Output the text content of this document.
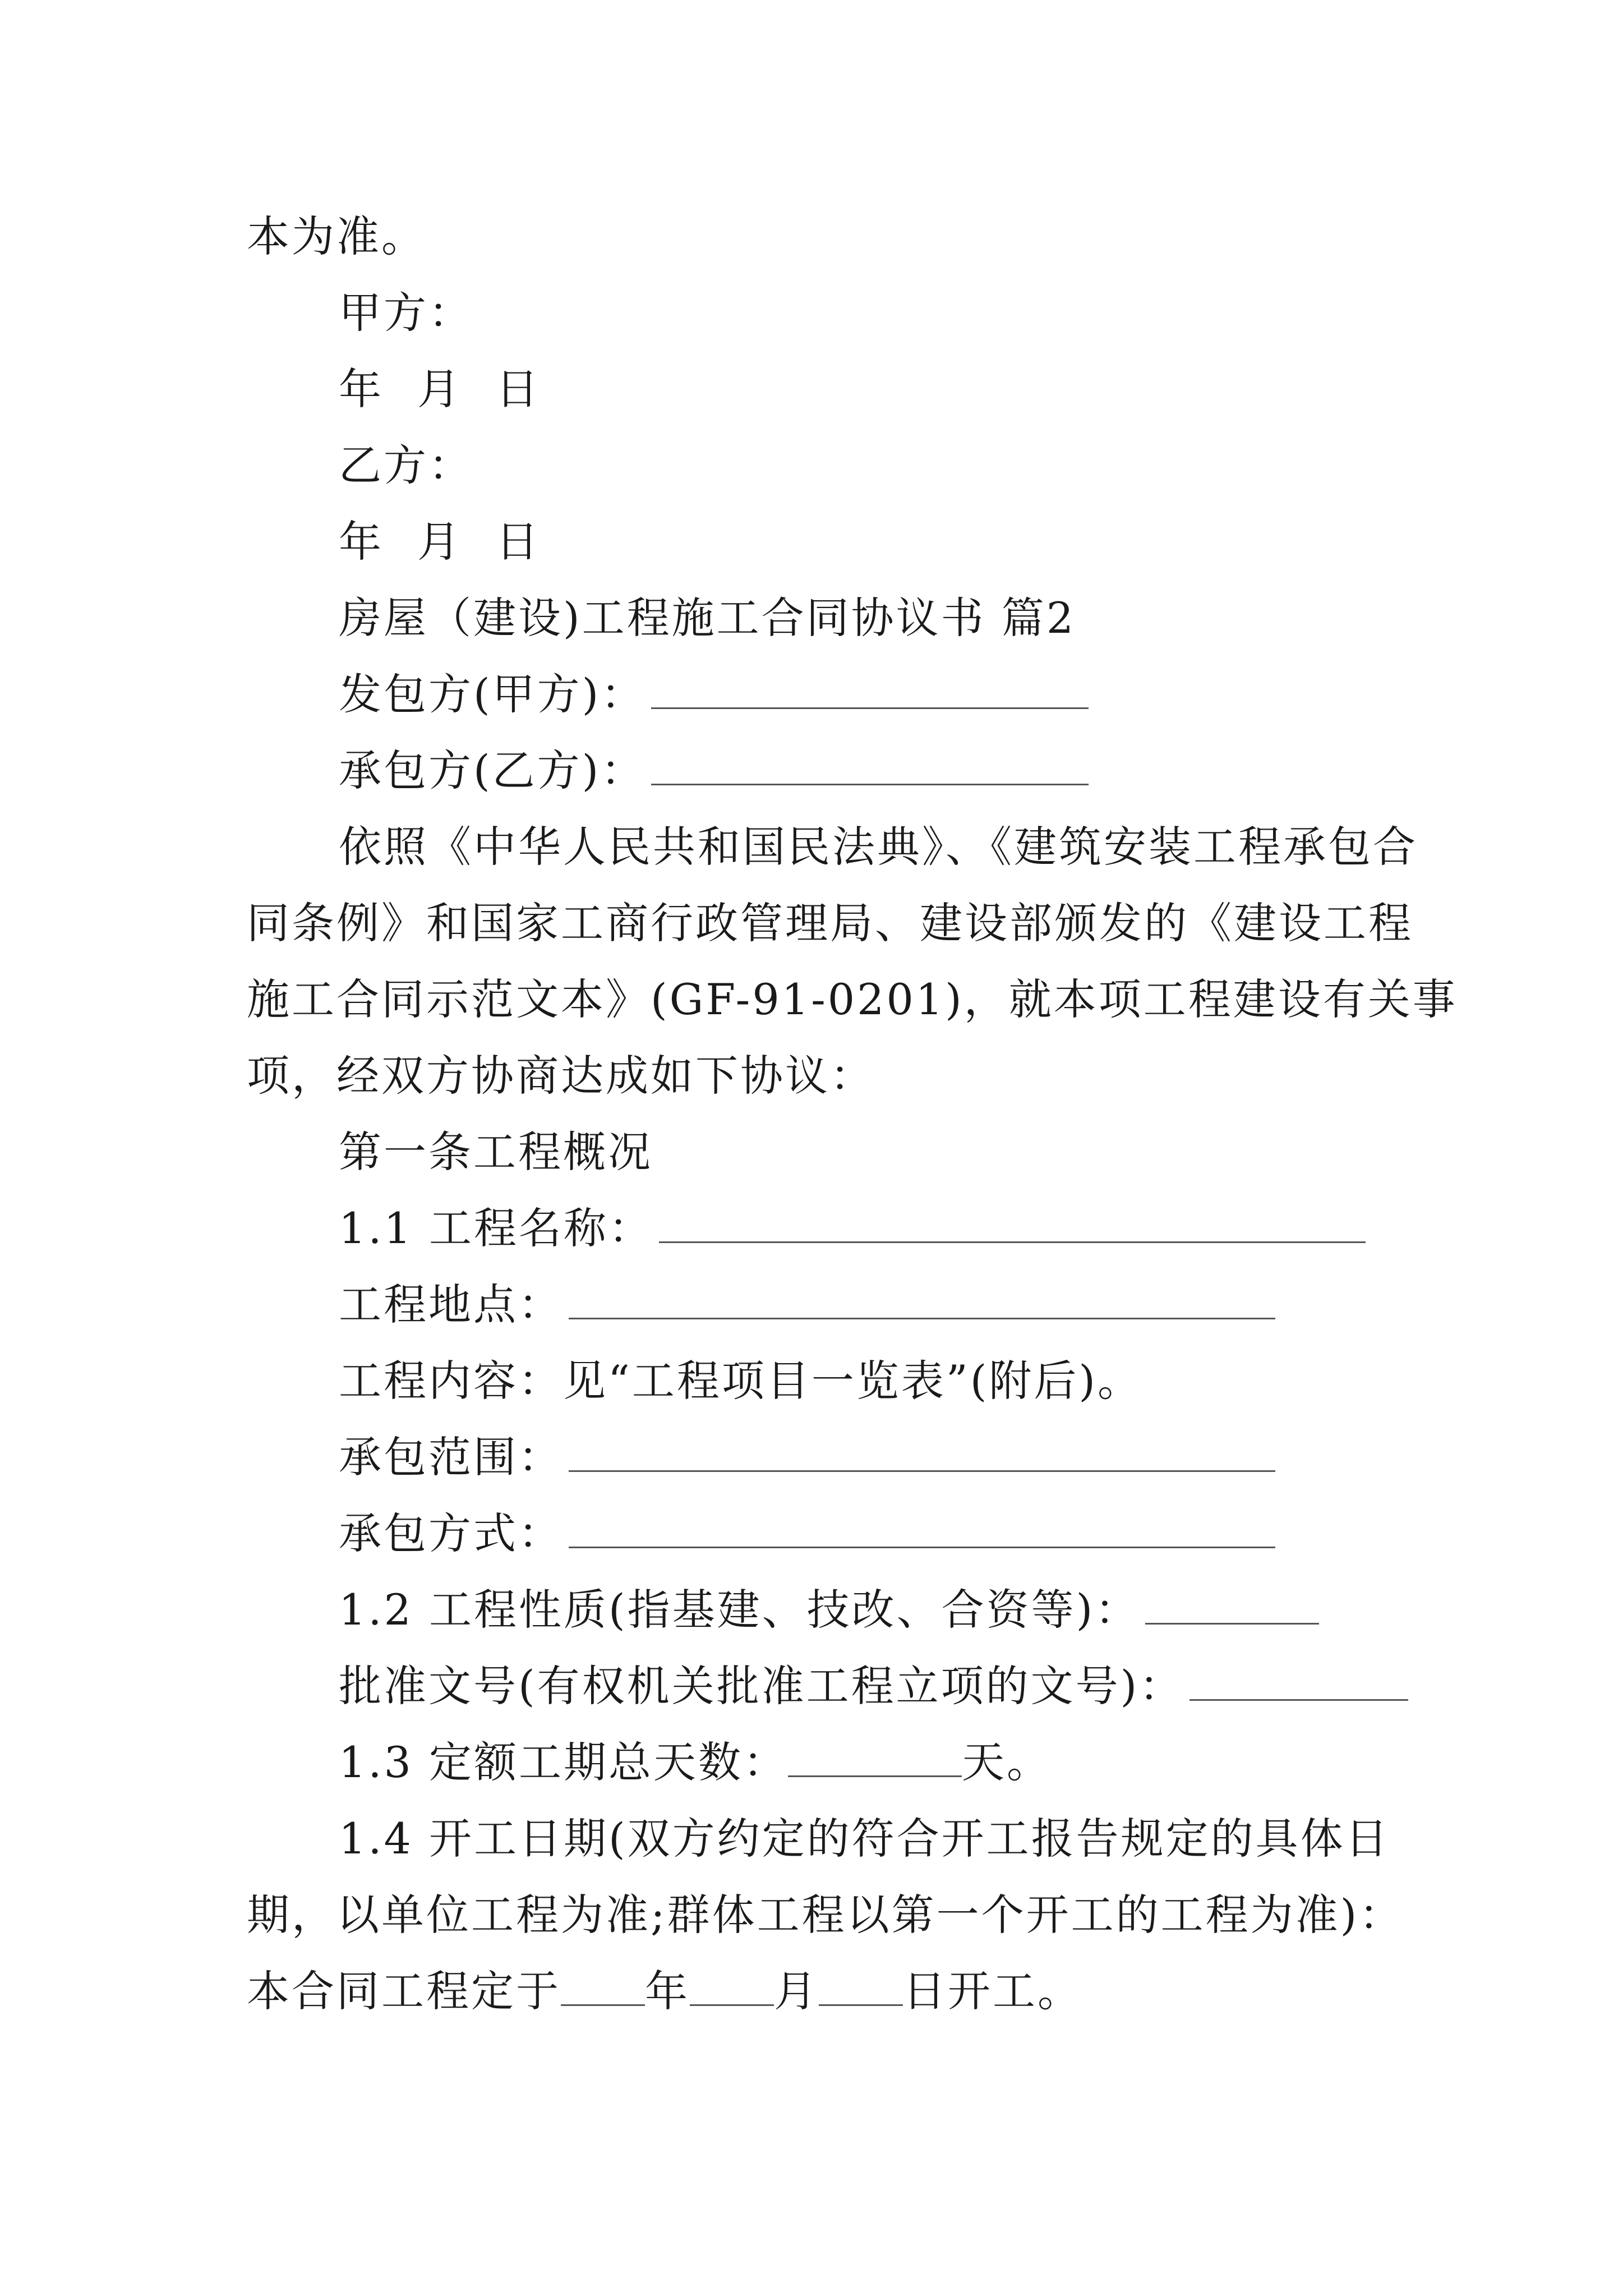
本为准。
甲方：
年 月 日
乙方：
年 月 日
房屋（建设)工程施工合同协议书 篇2
发包方(甲方)：
承包方(乙方)：
依照《中华人民共和国民法典》、《建筑安装工程承包合
同条例》和国家工商行政管理局、建设部颁发的《建设工程
施工合同示范文本》(GF-91-0201)，就本项工程建设有关事
项，经双方协商达成如下协议：
第一条工程概况
1.1 工程名称：
工程地点：
工程内容：见“工程项目一览表”(附后)。
承包范围：
承包方式：
1.2 工程性质(指基建、技改、合资等)：
批准文号(有权机关批准工程立项的文号)：
1.3 定额工期总天数：	天。
1.4 开工日期(双方约定的符合开工报告规定的具体日
期，以单位工程为准;群体工程以第一个开工的工程为准)：
本合同工程定于 年 月 日开工。
